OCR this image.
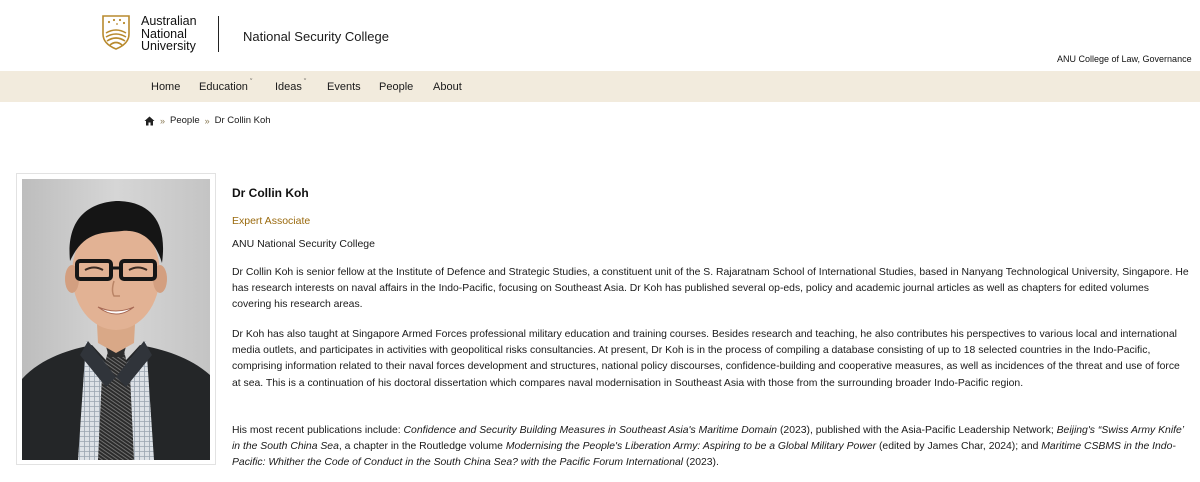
Australian
National
University
National Security College
ANU College of Law, Governance
Home Education $^ˇ$ Ideas $^ˇ$ Events People About
» People » Dr Collin Koh
Dr Collin Koh
Expert Associate
ANU National Security College

Dr Collin Koh is senior fellow at the Institute of Defence and Strategic Studies, a constituent unit of the S. Rajaratnam School of International Studies, based in Nanyang Technological University, Singapore. He has research interests on naval affairs in the Indo-Pacific, focusing on Southeast Asia. Dr Koh has published several op-eds, policy and academic journal articles as well as chapters for edited volumes covering his research areas.

Dr Koh has also taught at Singapore Armed Forces professional military education and training courses. Besides research and teaching, he also contributes his perspectives to various local and international media outlets, and participates in activities with geopolitical risks consultancies. At present, Dr Koh is in the process of compiling a database consisting of up to 18 selected countries in the Indo-Pacific, comprising information related to their naval forces development and structures, national policy discourses, confidence-building and cooperative measures, as well as incidences of the threat and use of force at sea. This is a continuation of his doctoral dissertation which compares naval modernisation in Southeast Asia with those from the surrounding broader Indo-Pacific region.

His most recent publications include: Confidence and Security Building Measures in Southeast Asia's Maritime Domain (2023), published with the Asia-Pacific Leadership Network; Beijing's “Swiss Army Knife’ in the South China Sea, a chapter in the Routledge volume Modernising the People's Liberation Army: Aspiring to be a Global Military Power (edited by James Char, 2024); and Maritime CSBMS in the Indo-Pacific: Whither the Code of Conduct in the South China Sea? with the Pacific Forum International (2023).
